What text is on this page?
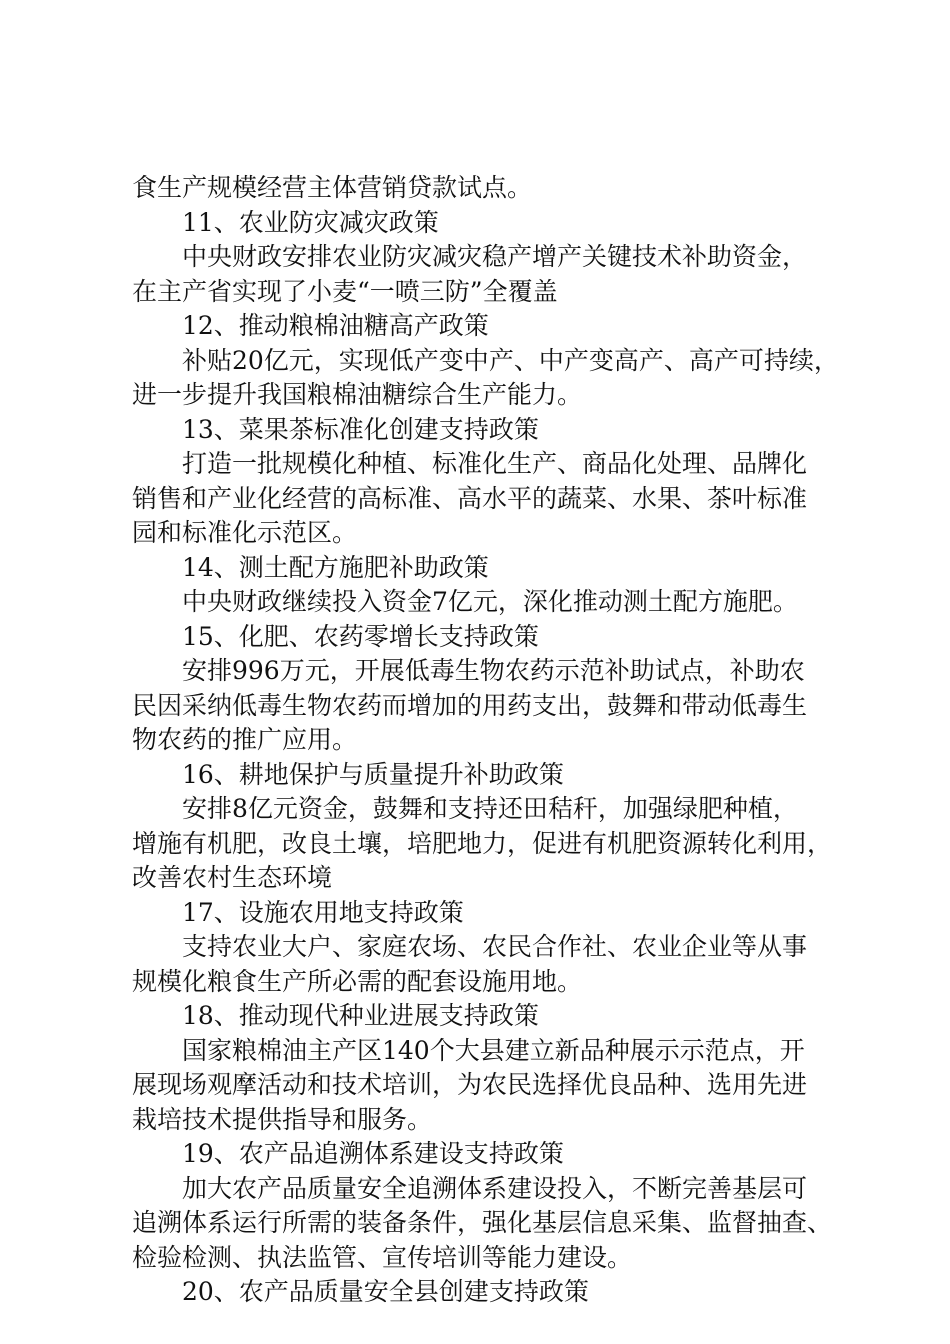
食生产规模经营主体营销贷款试点。
11、农业防灾减灾政策
中央财政安排农业防灾减灾稳产增产关键技术补助资金，
在主产省实现了小麦“一喷三防”全覆盖
12、推动粮棉油糖高产政策
补贴20亿元，实现低产变中产、中产变高产、高产可持续，
进一步提升我国粮棉油糖综合生产能力。
13、菜果茶标准化创建支持政策
打造一批规模化种植、标准化生产、商品化处理、品牌化
销售和产业化经营的高标准、高水平的蔬菜、水果、茶叶标准
园和标准化示范区。
14、测土配方施肥补助政策
中央财政继续投入资金7亿元，深化推动测土配方施肥。
15、化肥、农药零增长支持政策
安排996万元，开展低毒生物农药示范补助试点，补助农
民因采纳低毒生物农药而增加的用药支出，鼓舞和带动低毒生
物农药的推广应用。
16、耕地保护与质量提升补助政策
安排8亿元资金，鼓舞和支持还田秸秆，加强绿肥种植，
增施有机肥，改良土壤，培肥地力，促进有机肥资源转化利用，
改善农村生态环境
17、设施农用地支持政策
支持农业大户、家庭农场、农民合作社、农业企业等从事
规模化粮食生产所必需的配套设施用地。
18、推动现代种业进展支持政策
国家粮棉油主产区140个大县建立新品种展示示范点，开
展现场观摩活动和技术培训，为农民选择优良品种、选用先进
栽培技术提供指导和服务。
19、农产品追溯体系建设支持政策
加大农产品质量安全追溯体系建设投入，不断完善基层可
追溯体系运行所需的装备条件，强化基层信息采集、监督抽查、
检验检测、执法监管、宣传培训等能力建设。
20、农产品质量安全县创建支持政策
